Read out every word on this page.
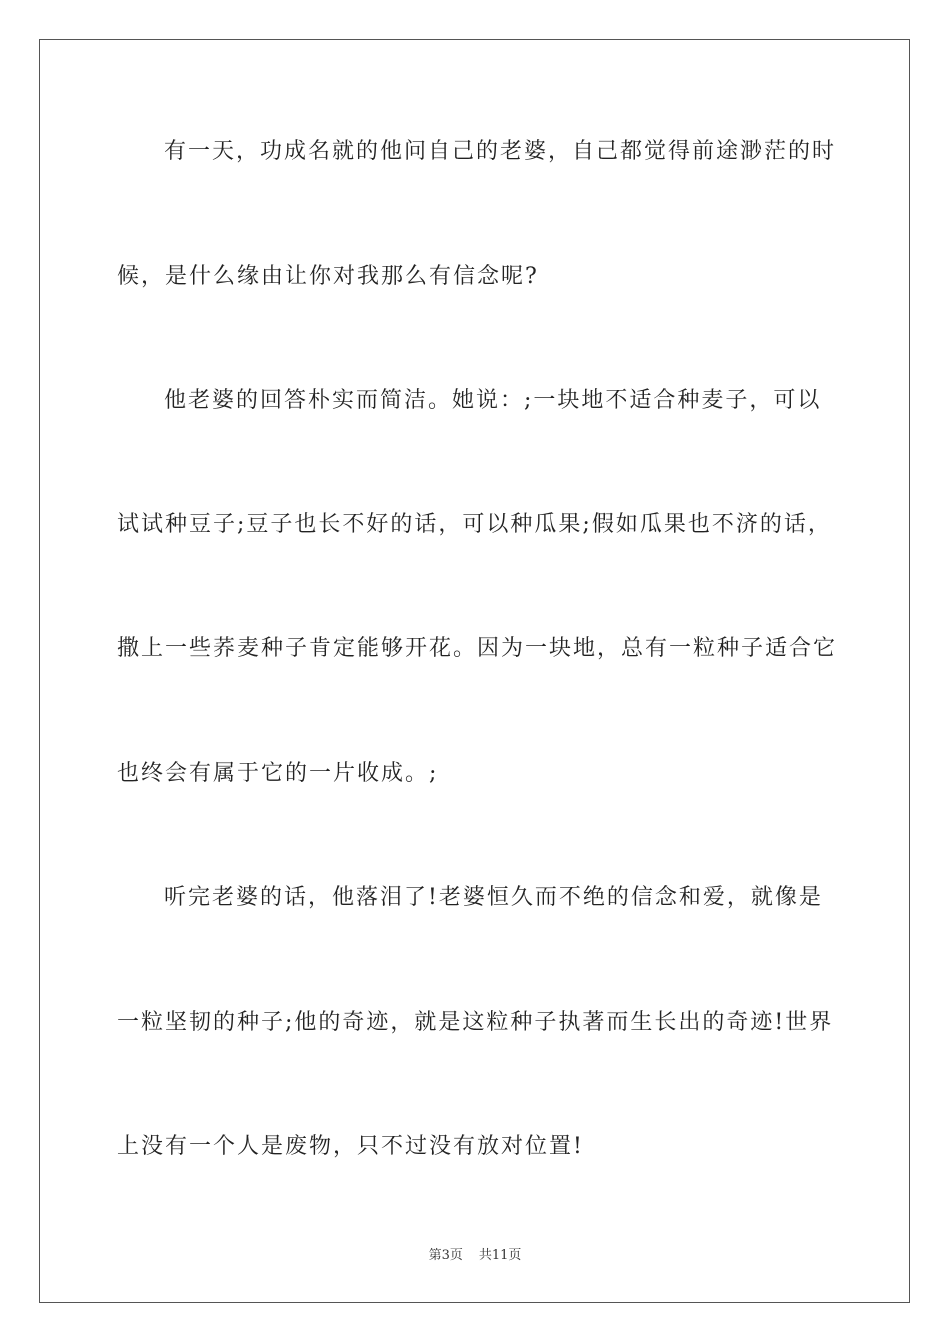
有一天，功成名就的他问自己的老婆，自己都觉得前途渺茫的时
候，是什么缘由让你对我那么有信念呢?
他老婆的回答朴实而简洁。她说：;一块地不适合种麦子，可以
试试种豆子;豆子也长不好的话，可以种瓜果;假如瓜果也不济的话，
撒上一些荞麦种子肯定能够开花。因为一块地，总有一粒种子适合它
也终会有属于它的一片收成。;
听完老婆的话，他落泪了!老婆恒久而不绝的信念和爱，就像是
一粒坚韧的种子;他的奇迹，就是这粒种子执著而生长出的奇迹!世界
上没有一个人是废物，只不过没有放对位置!
第3页 共11页
